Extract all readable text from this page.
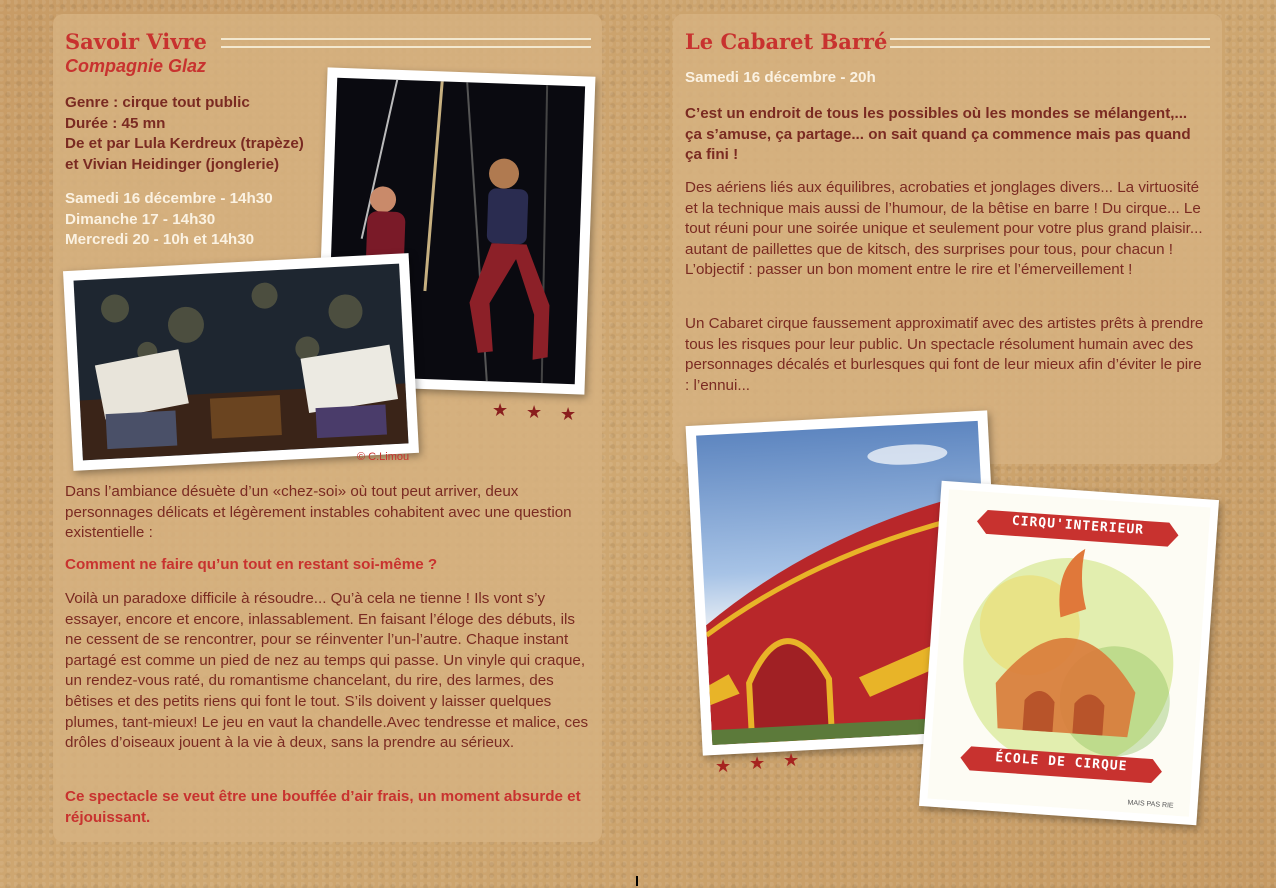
Savoir Vivre
Compagnie Glaz
Genre : cirque tout public
Durée : 45 mn
De et par Lula Kerdreux (trapèze)
et Vivian Heidinger (jonglerie)
Samedi 16 décembre - 14h30
Dimanche 17 - 14h30
Mercredi 20 - 10h et 14h30
© C.Limou
★ ★ ★

Dans l’ambiance désuète d’un «chez-soi» où tout peut arriver, deux personnages délicats et légèrement instables cohabitent avec une question existentielle :

Comment ne faire qu’un tout en restant soi-même ?

Voilà un paradoxe difficile à résoudre... Qu’à cela ne tienne ! Ils vont s’y essayer, encore et encore, inlassablement. En faisant l’éloge des débuts, ils ne cessent de se rencontrer, pour se réinventer l’un-l’autre. Chaque instant partagé est comme un pied de nez au temps qui passe. Un vinyle qui craque, un rendez-vous raté, du romantisme chancelant, du rire, des larmes, des bêtises et des petits riens qui font le tout. S’ils doivent y laisser quelques plumes, tant-mieux! Le jeu en vaut la chandelle.Avec tendresse et malice, ces drôles d’oiseaux jouent à la vie à deux, sans la prendre au sérieux.

Ce spectacle se veut être une bouffée d’air frais, un moment absurde et réjouissant.

Le Cabaret Barré
Samedi 16 décembre - 20h

C’est un endroit de tous les possibles où les mondes se mélangent,... ça s’amuse, ça partage... on sait quand ça commence mais pas quand ça fini !

Des aériens liés aux équilibres, acrobaties et jonglages divers... La virtuosité et la technique mais aussi de l’humour, de la bêtise en barre ! Du cirque... Le tout réuni pour une soirée unique et seulement pour votre plus grand plaisir... autant de paillettes que de kitsch, des surprises pour tous, pour chacun ! L’objectif : passer un bon moment entre le rire et l’émerveillement !

Un Cabaret cirque faussement approximatif avec des artistes prêts à prendre tous les risques pour leur public. Un spectacle résolument humain avec des personnages décalés et burlesques qui font de leur mieux afin d’éviter le pire : l’ennui...

CIRQU'INTERIEUR
ÉCOLE DE CIRQUE
MAIS PAS RIE
★ ★ ★
